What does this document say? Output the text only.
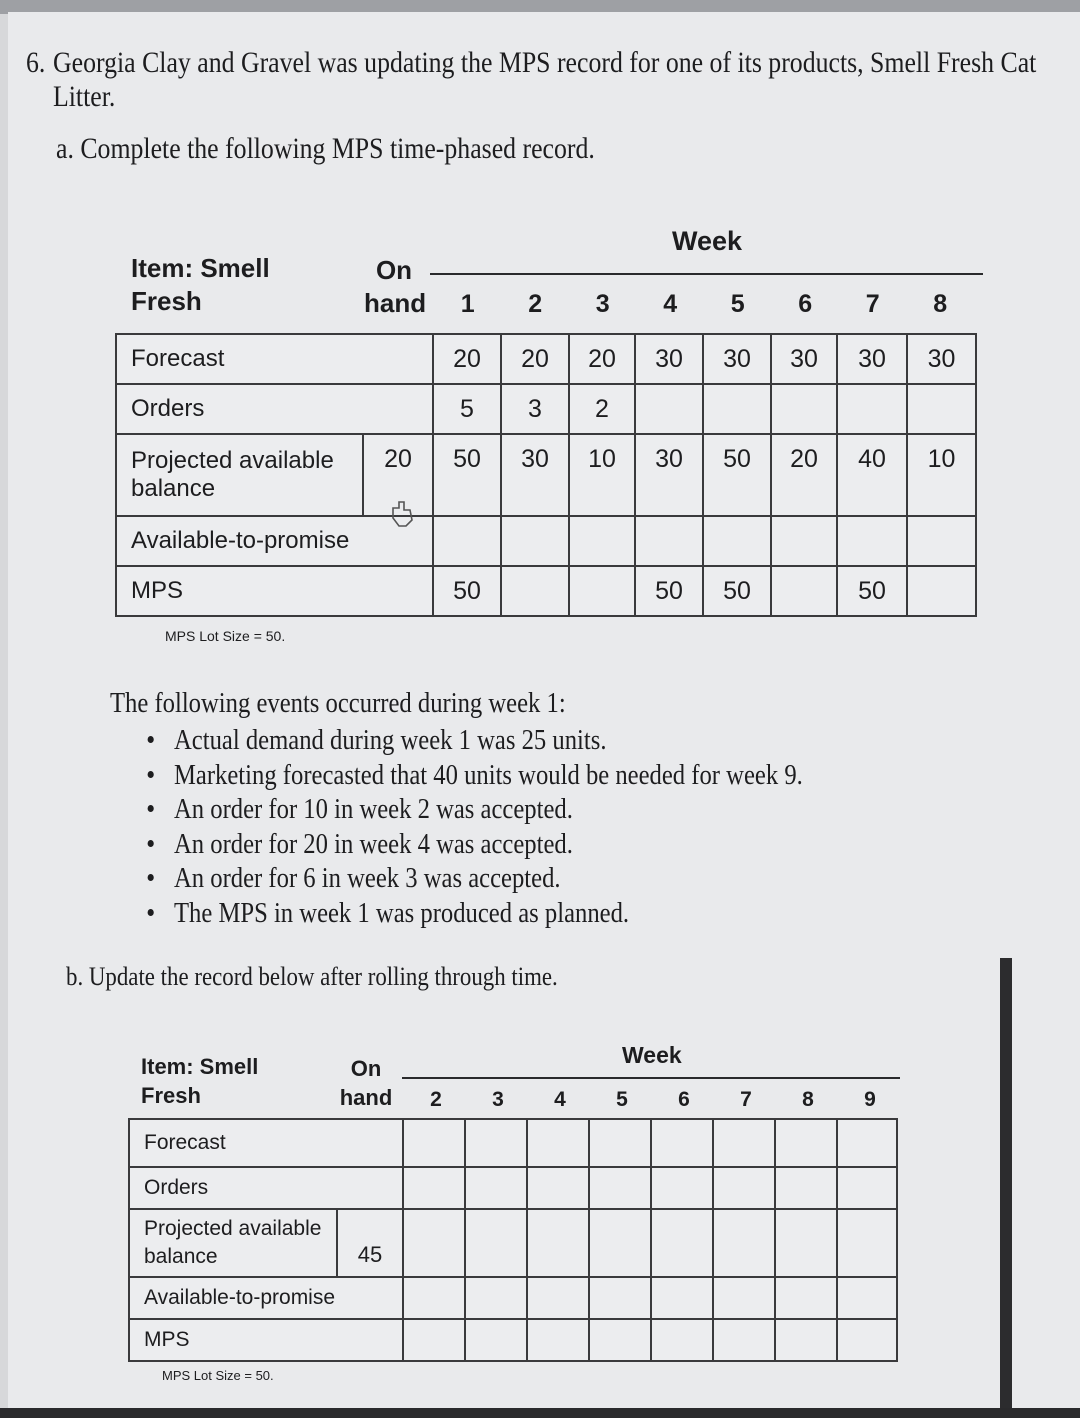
6. Georgia Clay and Gravel was updating the MPS record for one of its products, Smell Fresh Cat
Litter.
a. Complete the following MPS time-phased record.
Item: Smell
Fresh
On
hand
Week
1	2	3	4	5	6	7	8
Forecast		20	20	20	30	30	30	30	30
Orders		5	3	2					
Projected available balance	20	50	30	10	30	50	20	40	10
Available-to-promise									
MPS		50			50	50		50	
MPS Lot Size = 50.
The following events occurred during week 1:
Actual demand during week 1 was 25 units.
Marketing forecasted that 40 units would be needed for week 9.
An order for 10 in week 2 was accepted.
An order for 20 in week 4 was accepted.
An order for 6 in week 3 was accepted.
The MPS in week 1 was produced as planned.
b. Update the record below after rolling through time.
Item: Smell
Fresh
On
hand
Week
2	3	4	5	6	7	8	9
Forecast									
Orders									
Projected available balance	45								
Available-to-promise									
MPS									
MPS Lot Size = 50.
